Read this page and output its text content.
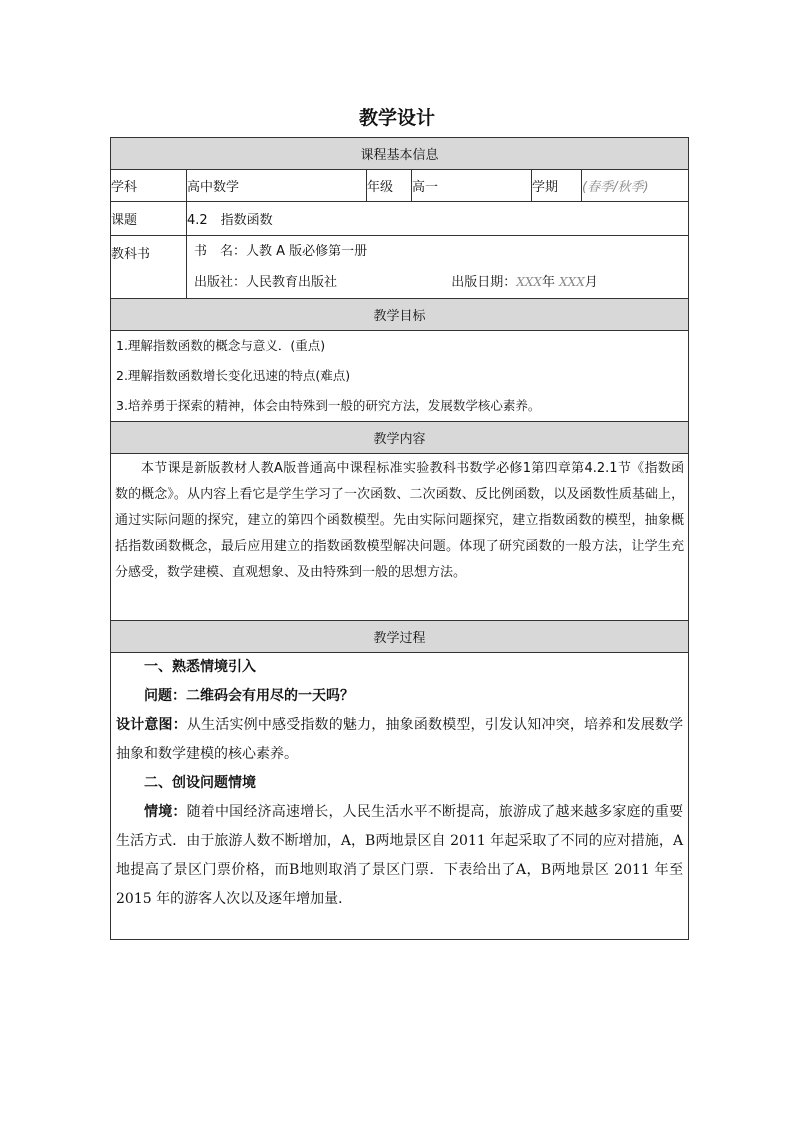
教学设计
课程基本信息					
学科	高中数学	年级	高一	学期	(春季/秋季)
课题	4.2　指数函数				
教科书	书　名：人教 A 版必修第一册
出版社：人民教育出版社 出版日期：XXX年 XXX月				

教学目标					

1.理解指数函数的概念与意义．(重点)
2.理解指数函数增长变化迅速的特点(难点)
3.培养勇于探索的精神，体会由特殊到一般的研究方法，发展数学核心素养。					

教学内容					

本节课是新版教材人教A版普通高中课程标准实验教科书数学必修1第四章第4.2.1节《指数函数的概念》。从内容上看它是学生学习了一次函数、二次函数、反比例函数，以及函数性质基础上，通过实际问题的探究，建立的第四个函数模型。先由实际问题探究，建立指数函数的模型，抽象概括指数函数概念，最后应用建立的指数函数模型解决问题。体现了研究函数的一般方法，让学生充分感受，数学建模、直观想象、及由特殊到一般的思想方法。					

教学过程					

一、熟悉情境引入

问题：二维码会有用尽的一天吗？

设计意图：从生活实例中感受指数的魅力，抽象函数模型，引发认知冲突，培养和发展数学抽象和数学建模的核心素养。

二、创设问题情境

情境：随着中国经济高速增长，人民生活水平不断提高，旅游成了越来越多家庭的重要生活方式．由于旅游人数不断增加，A，B两地景区自 2011 年起采取了不同的应对措施，A地提高了景区门票价格，而B地则取消了景区门票．下表给出了A，B两地景区 2011 年至 2015 年的游客人次以及逐年增加量．					
